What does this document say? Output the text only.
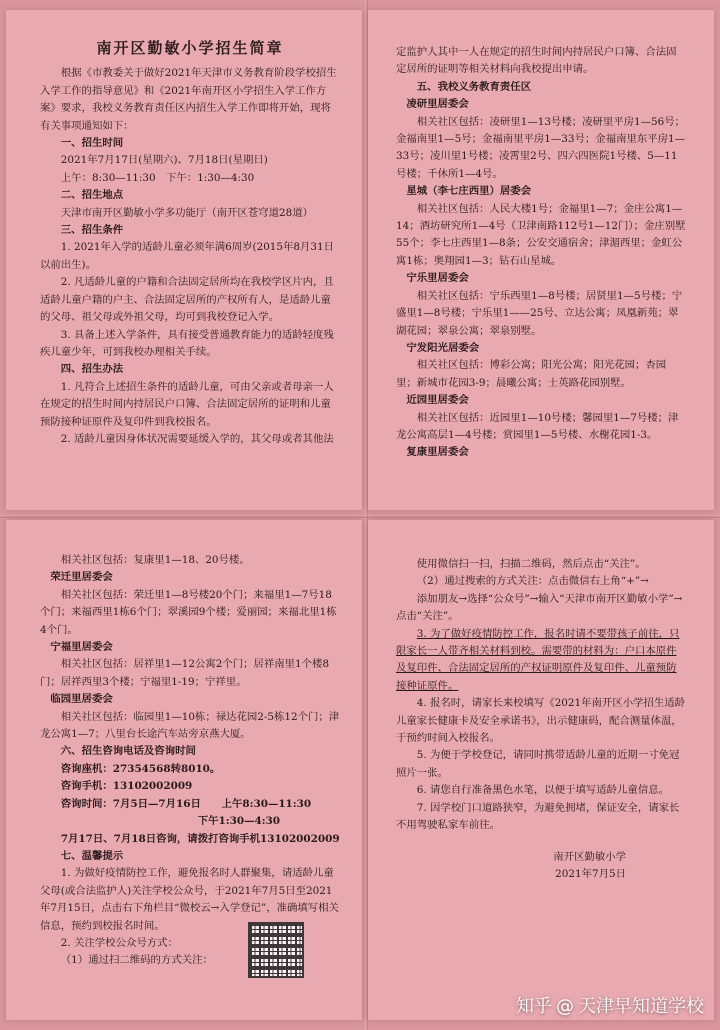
南开区勤敏小学招生简章

根据《市教委关于做好2021年天津市义务教育阶段学校招生入学工作的指导意见》和《2021年南开区小学招生入学工作方案》要求，我校义务教育责任区内招生入学工作即将开始，现将有关事项通知如下：

一、招生时间

2021年7月17日(星期六)、7月18日(星期日)

上午：8:30—11:30　下午：1:30—4:30

二、招生地点

天津市南开区勤敏小学多功能厅（南开区苍穹道28道）

三、招生条件

1. 2021年入学的适龄儿童必须年满6周岁(2015年8月31日以前出生)。

2. 凡适龄儿童的户籍和合法固定居所均在我校学区片内，且适龄儿童户籍的户主、合法固定居所的产权所有人，是适龄儿童的父母、祖父母或外祖父母，均可到我校登记入学。

3. 具备上述入学条件，具有接受普通教育能力的适龄轻度残疾儿童少年，可到我校办理相关手续。

四、招生办法

1. 凡符合上述招生条件的适龄儿童，可由父亲或者母亲一人在规定的招生时间内持居民户口簿、合法固定居所的证明和儿童预防接种证原件及复印件到我校报名。

2. 适龄儿童因身体状况需要延缓入学的，其父母或者其他法

定监护人其中一人在规定的招生时间内持居民户口簿、合法固定居所的证明等相关材料向我校提出申请。

五、我校义务教育责任区

凌研里居委会

相关社区包括：凌研里1—13号楼；凌研里平房1—56号；金福南里1—5号；金福南里平房1—33号；金福南里东平房1—33号；凌川里1号楼；凌霄里2号、四六四医院1号楼、5—11号楼；千休所1—4号。

星城（李七庄西里）居委会

相关社区包括：人民大楼1号；金福里1—7；金庄公寓1—14；酒坊研究所1—4号（卫津南路112号1—12门）；金庄别墅55个；李七庄西里1—8条；公安交通宿舍；津湄西里；金虹公寓1栋；奥翔园1—3；钻石山星城。

宁乐里居委会

相关社区包括：宁乐西里1—8号楼；居贤里1—5号楼；宁盛里1—8号楼；宁乐里1——25号、立达公寓；凤凰新苑；翠湖花园；翠泉公寓；翠泉别墅。

宁发阳光居委会

相关社区包括：博彩公寓；阳光公寓；阳光花园；杏园里；新城市花园3-9；晨曦公寓；士英路花园别墅。

近园里居委会

相关社区包括：近园里1—10号楼；馨园里1—7号楼；津龙公寓高层1—4号楼；赏园里1—5号楼、水榭花园1-3。

复康里居委会

相关社区包括：复康里1—18、20号楼。

荣迁里居委会

相关社区包括：荣迁里1—8号楼20个门；来福里1—7号18个门；来福西里1栋6个门；翠溪园9个楼；爱丽园；来福北里1栋4个门。

宁福里居委会

相关社区包括：居祥里1—12公寓2个门；居祥南里1个楼8门；居祥西里3个楼；宁福里1-19；宁祥里。

临园里居委会

相关社区包括：临园里1—10栋；禄达花园2-5栋12个门；津龙公寓1—7；八里台长途汽车站旁京燕大厦。

六、招生咨询电话及咨询时间

咨询座机：27354568转8010。

咨询手机：13102002009

咨询时间：7月5日—7月16日　　上午8:30—11:30

下午1:30—4:30

7月17日、7月18日咨询，请拨打咨询手机13102002009

七、温馨提示

1. 为做好疫情防控工作，避免报名时人群聚集，请适龄儿童父母(或合法监护人)关注学校公众号，于2021年7月5日至2021年7月15日，点击右下角栏目“微校云→入学登记”，准确填写相关信息，预约到校报名时间。

2. 关注学校公众号方式：

（1）通过扫二维码的方式关注：

使用微信扫一扫，扫描二维码，然后点击“关注”。

（2）通过搜索的方式关注：点击微信右上角“+”→

添加朋友→选择“公众号”→输入“天津市南开区勤敏小学”→点击“关注”。

3. 为了做好疫情防控工作，报名时请不要带孩子前往，只限家长一人带齐相关材料到校。需要带的材料为：户口本原件及复印件、合法固定居所的产权证明原件及复印件、儿童预防接种证原件。

4. 报名时，请家长来校填写《2021年南开区小学招生适龄儿童家长健康卡及安全承诺书》，出示健康码，配合测量体温，于预约时间入校报名。

5. 为便于学校登记，请同时携带适龄儿童的近期一寸免冠照片一张。

6. 请您自行准备黑色水笔，以便于填写适龄儿童信息。

7. 因学校门口道路狭窄，为避免拥堵，保证安全，请家长不用驾驶私家车前往。

南开区勤敏小学

2021年7月5日

知乎 @ 天津早知道学校
